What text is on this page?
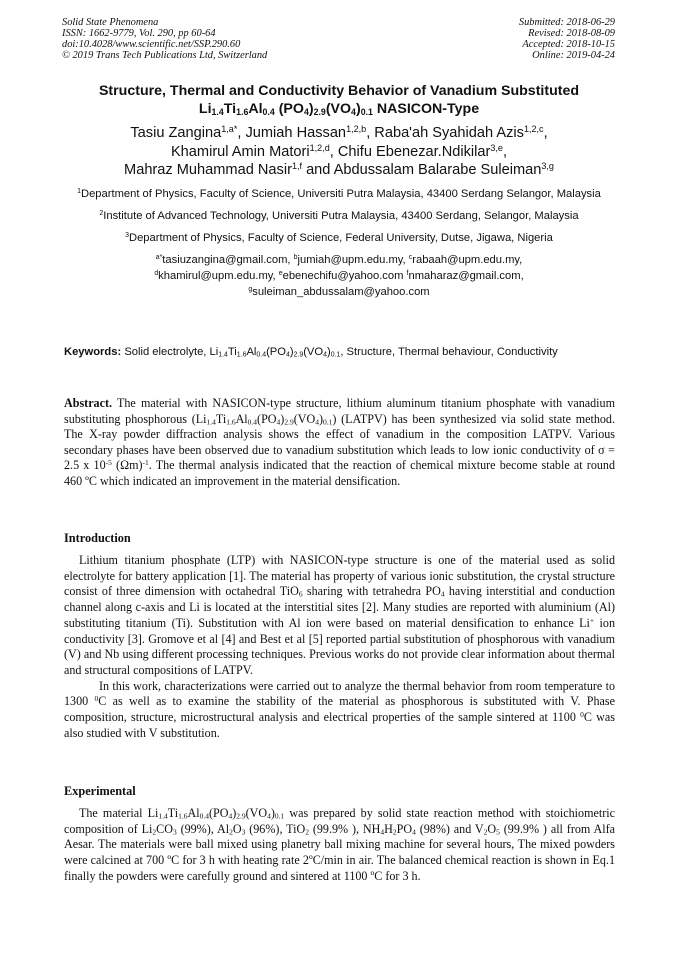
Solid State Phenomena
ISSN: 1662-9779, Vol. 290, pp 60-64
doi:10.4028/www.scientific.net/SSP.290.60
© 2019 Trans Tech Publications Ltd, Switzerland
Submitted: 2018-06-29
Revised: 2018-08-09
Accepted: 2018-10-15
Online: 2019-04-24
Structure, Thermal and Conductivity Behavior of Vanadium Substituted
$Li_{1.4}Ti_{1.6}Al_{0.4}$ $(PO_4)_{2.9}(VO_4)_{0.1}$ NASICON-Type
Tasiu Zangina$^{1,a*}$, Jumiah Hassan$^{1,2,b}$, Raba'ah Syahidah Azis$^{1,2,c}$,
Khamirul Amin Matori$^{1,2,d}$, Chifu Ebenezar.Ndikilar$^{3,e}$,
Mahraz Muhammad Nasir$^{1,f}$ and Abdussalam Balarabe Suleiman$^{3,g}$
$^1$Department of Physics, Faculty of Science, Universiti Putra Malaysia, 43400 Serdang Selangor, Malaysia
$^2$Institute of Advanced Technology, Universiti Putra Malaysia, 43400 Serdang, Selangor, Malaysia
$^3$Department of Physics, Faculty of Science, Federal University, Dutse, Jigawa, Nigeria
$^{a*}$tasiuzangina@gmail.com, $^b$jumiah@upm.edu.my, $^c$rabaah@upm.edu.my,
$^d$khamirul@upm.edu.my, $^e$ebenechifu@yahoo.com $^f$nmaharaz@gmail.com,
$^g$suleiman_abdussalam@yahoo.com
Keywords: Solid electrolyte, $Li_{1.4}Ti_{1.6}Al_{0.4}(PO_4)_{2.9}(VO_4)_{0.1}$, Structure, Thermal behaviour, Conductivity
Abstract. The material with NASICON-type structure, lithium aluminum titanium phosphate with vanadium substituting phosphorous $(Li_{1.4}Ti_{1.6}Al_{0.4}(PO_4)_{2.9}(VO_4)_{0.1})$ (LATPV) has been synthesized via solid state method. The X-ray powder diffraction analysis shows the effect of vanadium in the composition LATPV. Various secondary phases have been observed due to vanadium substitution which leads to low ionic conductivity of σ = 2.5 x $10^{-5}$ $(\Omega m)^{-1}$. The thermal analysis indicated that the reaction of chemical mixture become stable at round 460 ºC which indicated an improvement in the material densification.
Introduction

Lithium titanium phosphate (LTP) with NASICON-type structure is one of the material used as solid electrolyte for battery application [1]. The material has property of various ionic substitution, the crystal structure consist of three dimension with octahedral TiO$_6$ sharing with tetrahedra $PO_4$ having interstitial and conduction channel along c-axis and Li is located at the interstitial sites [2]. Many studies are reported with aluminium (Al) substituting titanium (Ti). Substitution with Al ion were based on material densification to enhance Li+ ion conductivity [3]. Gromove et al [4] and Best et al [5] reported partial substitution of phosphorous with vanadium (V) and Nb using different processing techniques. Previous works do not provide clear information about thermal and structural compositions of LATPV.

In this work, characterizations were carried out to analyze the thermal behavior from room temperature to 1300 $^0$C as well as to examine the stability of the material as phosphorous is substituted with V. Phase composition, structure, microstructural analysis and electrical properties of the sample sintered at 1100 $^0$C was also studied with V substitution.

Experimental

The material $Li_{1.4}Ti_{1.6}Al_{0.4}(PO_4)_{2.9}(VO_4)_{0.1}$ was prepared by solid state reaction method with stoichiometric composition of $Li_2CO_3$ (99%), $Al_2O_3$ (96%), TiO$_2$ (99.9% ), $NH_4H_2PO_4$ (98%) and $V_2O_5$ (99.9% ) all from Alfa Aesar. The materials were ball mixed using planetry ball mixing machine for several hours, The mixed powders were calcined at 700 ºC for 3 h with heating rate 2ºC/min in air. The balanced chemical reaction is shown in Eq.1 finally the powders were carefully ground and sintered at 1100 ºC for 3 h.
